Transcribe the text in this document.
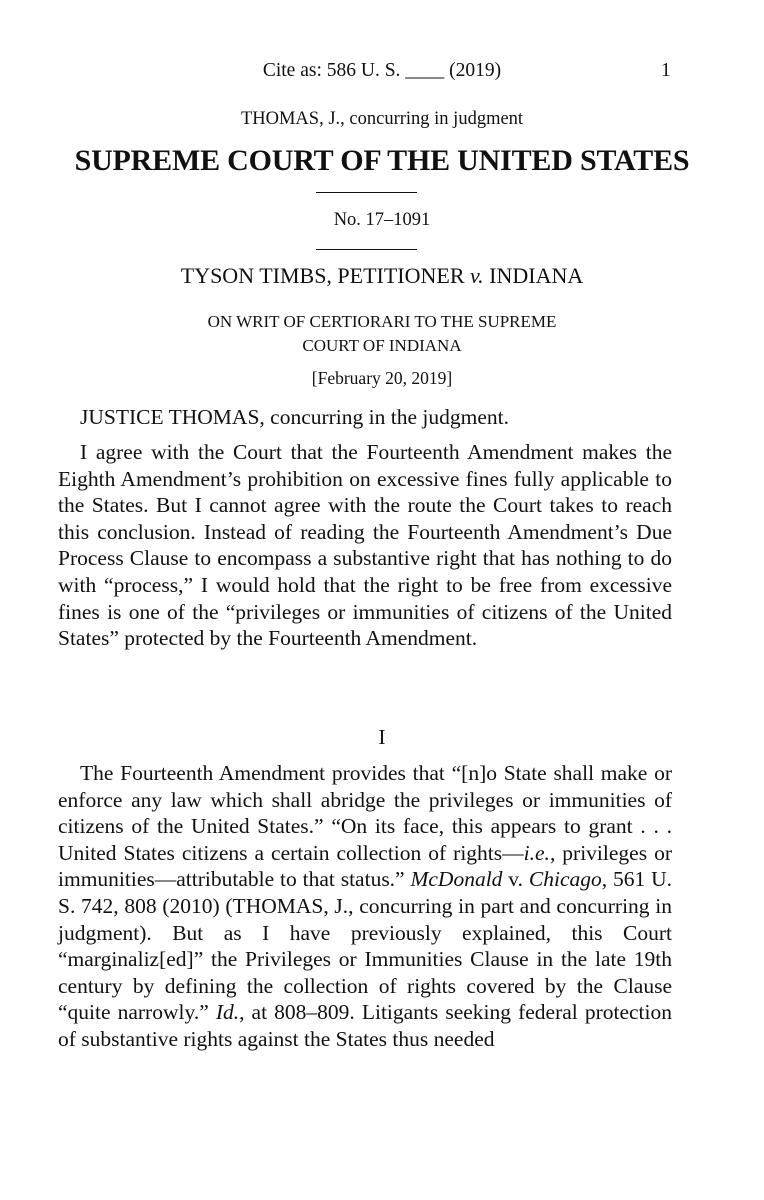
Cite as: 586 U. S. ____ (2019)	1
THOMAS, J., concurring in judgment
SUPREME COURT OF THE UNITED STATES
No. 17–1091
TYSON TIMBS, PETITIONER v. INDIANA
ON WRIT OF CERTIORARI TO THE SUPREME
COURT OF INDIANA
[February 20, 2019]

JUSTICE THOMAS, concurring in the judgment.

I agree with the Court that the Fourteenth Amendment makes the Eighth Amendment’s prohibition on excessive fines fully applicable to the States. But I cannot agree with the route the Court takes to reach this conclusion. Instead of reading the Fourteenth Amendment’s Due Process Clause to encompass a substantive right that has nothing to do with “process,” I would hold that the right to be free from excessive fines is one of the “privileges or immunities of citizens of the United States” protected by the Fourteenth Amendment.

I

The Fourteenth Amendment provides that “[n]o State shall make or enforce any law which shall abridge the privileges or immunities of citizens of the United States.” “On its face, this appears to grant . . . United States citizens a certain collection of rights—i.e., privileges or immunities—attributable to that status.” McDonald v. Chicago, 561 U. S. 742, 808 (2010) (THOMAS, J., concurring in part and concurring in judgment). But as I have previously explained, this Court “marginaliz[ed]” the Privileges or Immunities Clause in the late 19th century by defining the collection of rights covered by the Clause “quite narrowly.” Id., at 808–809. Litigants seeking federal protection of substantive rights against the States thus needed
